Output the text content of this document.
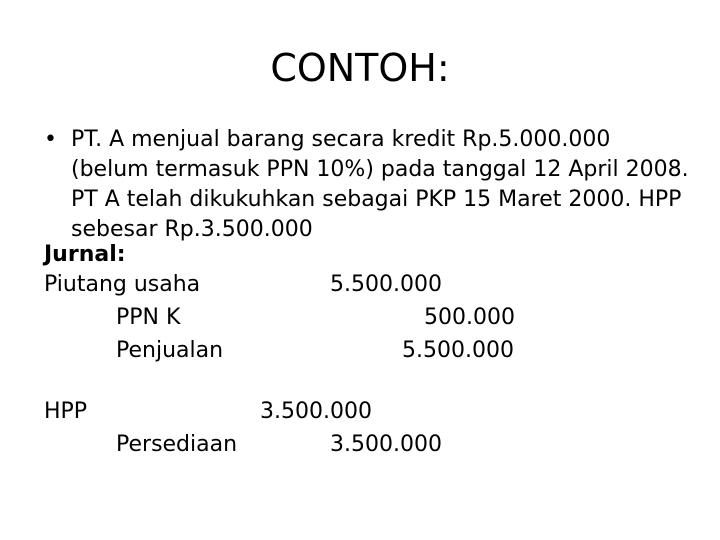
CONTOH:
• PT. A menjual barang secara kredit Rp.5.000.000
(belum termasuk PPN 10%) pada tanggal 12 April 2008.
PT A telah dikukuhkan sebagai PKP 15 Maret 2000. HPP
sebesar Rp.3.500.000
Jurnal:
Piutang usaha	5.500.000
PPN K	500.000
Penjualan	5.500.000
HPP	3.500.000
Persediaan	3.500.000
